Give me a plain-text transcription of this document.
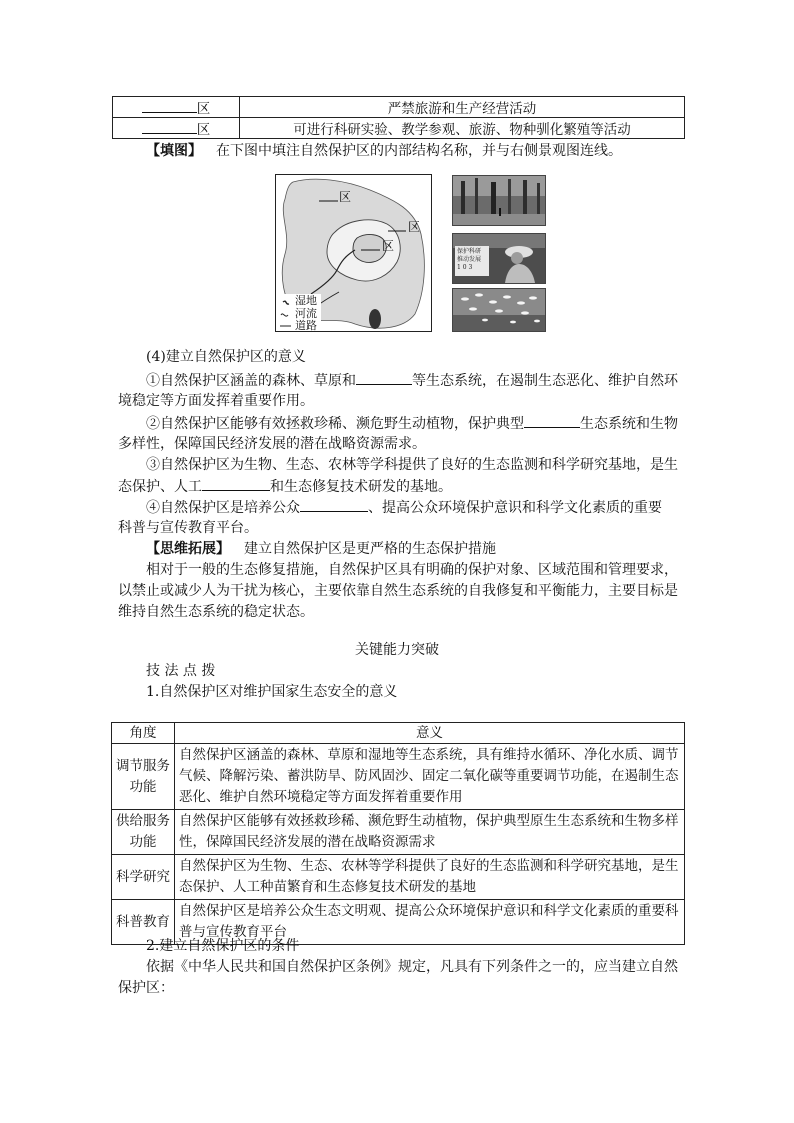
区	严禁旅游和生产经营活动
区	可进行科研实验、教学参观、旅游、物种驯化繁殖等活动
【填图】 在下图中填注自然保护区的内部结构名称，并与右侧景观图连线。
区
区
区
湿地
河流
道路
保护科研
推动发展
1 0 3
(4)建立自然保护区的意义
①自然保护区涵盖的森林、草原和	等生态系统，在遏制生态恶化、维护自然环
境稳定等方面发挥着重要作用。
②自然保护区能够有效拯救珍稀、濒危野生动植物，保护典型	生态系统和生物
多样性，保障国民经济发展的潜在战略资源需求。
③自然保护区为生物、生态、农林等学科提供了良好的生态监测和科学研究基地，是生
态保护、人工	和生态修复技术研发的基地。
④自然保护区是培养公众	、提高公众环境保护意识和科学文化素质的重要
科普与宣传教育平台。
【思维拓展】 建立自然保护区是更严格的生态保护措施
相对于一般的生态修复措施，自然保护区具有明确的保护对象、区域范围和管理要求，
以禁止或减少人为干扰为核心，主要依靠自然生态系统的自我修复和平衡能力，主要目标是
维持自然生态系统的稳定状态。
关键能力突破
技 法 点 拨
1.自然保护区对维护国家生态安全的意义
角度	意义
调节服务功能	自然保护区涵盖的森林、草原和湿地等生态系统，具有维持水循环、净化水质、调节气候、降解污染、蓄洪防旱、防风固沙、固定二氧化碳等重要调节功能，在遏制生态恶化、维护自然环境稳定等方面发挥着重要作用
供给服务功能	自然保护区能够有效拯救珍稀、濒危野生动植物，保护典型原生生态系统和生物多样性，保障国民经济发展的潜在战略资源需求
科学研究	自然保护区为生物、生态、农林等学科提供了良好的生态监测和科学研究基地，是生态保护、人工种苗繁育和生态修复技术研发的基地
科普教育	自然保护区是培养公众生态文明观、提高公众环境保护意识和科学文化素质的重要科普与宣传教育平台
2.建立自然保护区的条件
依据《中华人民共和国自然保护区条例》规定，凡具有下列条件之一的，应当建立自然
保护区：
